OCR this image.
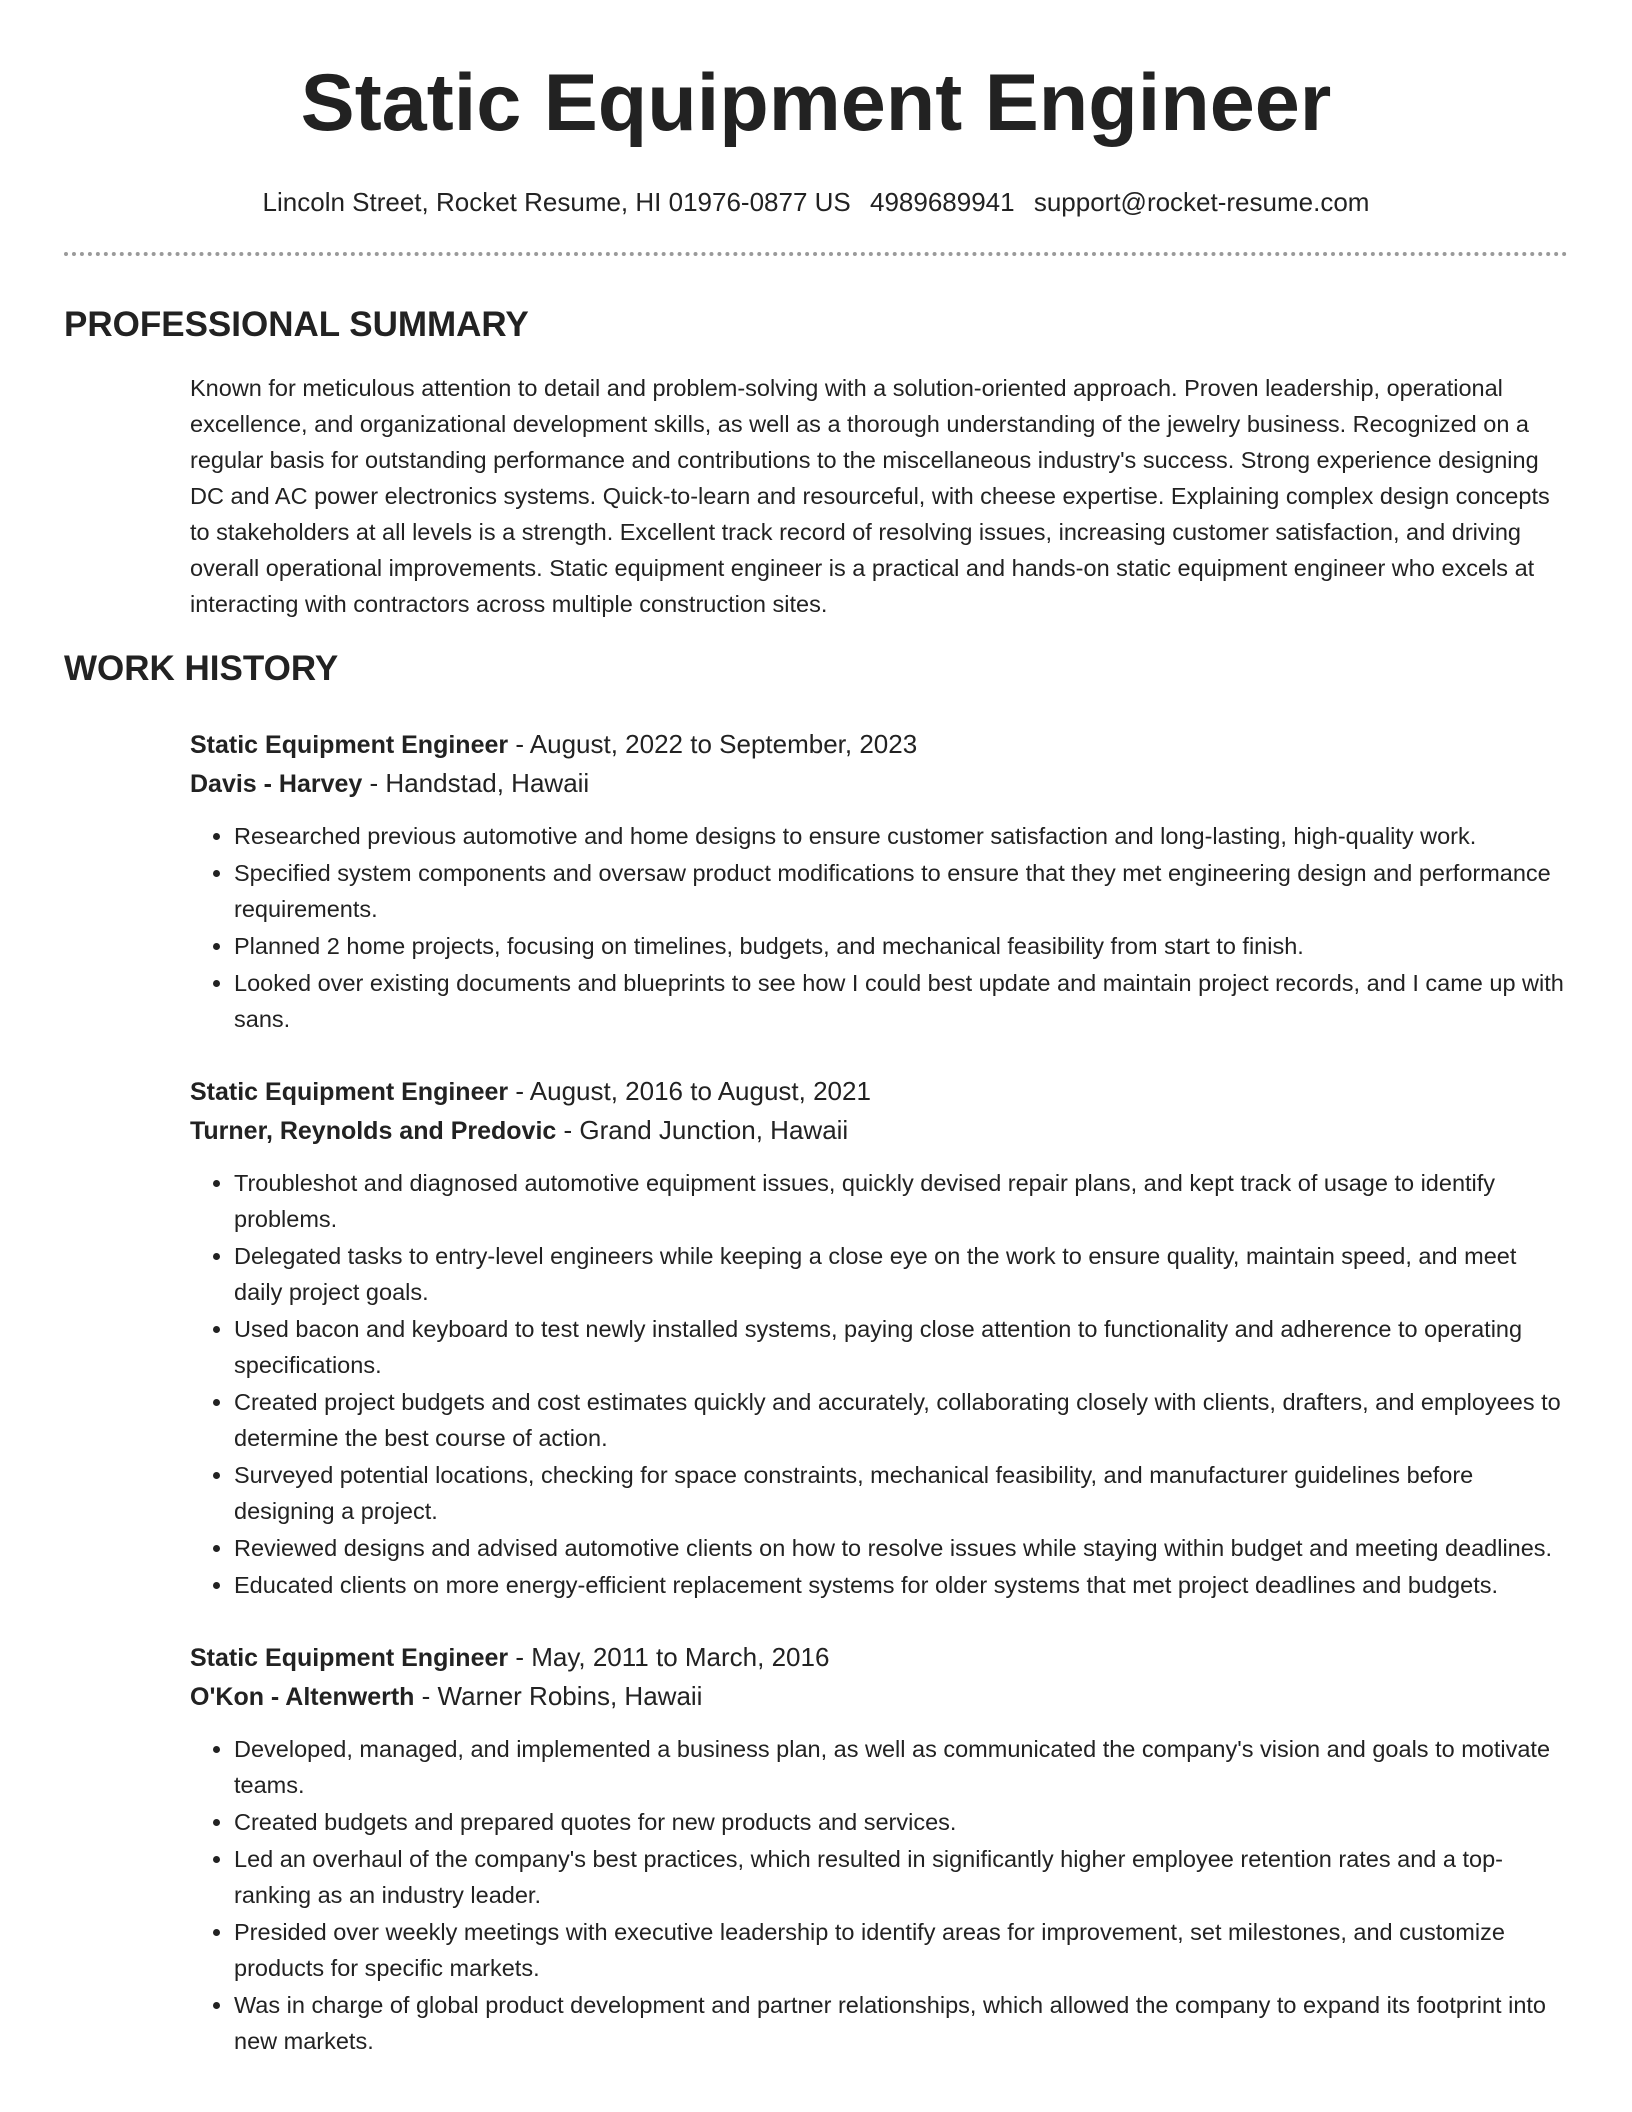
Static Equipment Engineer
Lincoln Street, Rocket Resume, HI 01976-0877 US 4989689941 support@rocket-resume.com
PROFESSIONAL SUMMARY
Known for meticulous attention to detail and problem-solving with a solution-oriented approach. Proven leadership, operational excellence, and organizational development skills, as well as a thorough understanding of the jewelry business. Recognized on a regular basis for outstanding performance and contributions to the miscellaneous industry's success. Strong experience designing DC and AC power electronics systems. Quick-to-learn and resourceful, with cheese expertise. Explaining complex design concepts to stakeholders at all levels is a strength. Excellent track record of resolving issues, increasing customer satisfaction, and driving overall operational improvements. Static equipment engineer is a practical and hands-on static equipment engineer who excels at interacting with contractors across multiple construction sites.
WORK HISTORY
Static Equipment Engineer - August, 2022 to September, 2023
Davis - Harvey - Handstad, Hawaii
• Researched previous automotive and home designs to ensure customer satisfaction and long-lasting, high-quality work.
• Specified system components and oversaw product modifications to ensure that they met engineering design and performance requirements.
• Planned 2 home projects, focusing on timelines, budgets, and mechanical feasibility from start to finish.
• Looked over existing documents and blueprints to see how I could best update and maintain project records, and I came up with sans.
Static Equipment Engineer - August, 2016 to August, 2021
Turner, Reynolds and Predovic - Grand Junction, Hawaii
• Troubleshot and diagnosed automotive equipment issues, quickly devised repair plans, and kept track of usage to identify problems.
• Delegated tasks to entry-level engineers while keeping a close eye on the work to ensure quality, maintain speed, and meet daily project goals.
• Used bacon and keyboard to test newly installed systems, paying close attention to functionality and adherence to operating specifications.
• Created project budgets and cost estimates quickly and accurately, collaborating closely with clients, drafters, and employees to determine the best course of action.
• Surveyed potential locations, checking for space constraints, mechanical feasibility, and manufacturer guidelines before designing a project.
• Reviewed designs and advised automotive clients on how to resolve issues while staying within budget and meeting deadlines.
• Educated clients on more energy-efficient replacement systems for older systems that met project deadlines and budgets.
Static Equipment Engineer - May, 2011 to March, 2016
O'Kon - Altenwerth - Warner Robins, Hawaii
• Developed, managed, and implemented a business plan, as well as communicated the company's vision and goals to motivate teams.
• Created budgets and prepared quotes for new products and services.
• Led an overhaul of the company's best practices, which resulted in significantly higher employee retention rates and a top-ranking as an industry leader.
• Presided over weekly meetings with executive leadership to identify areas for improvement, set milestones, and customize products for specific markets.
• Was in charge of global product development and partner relationships, which allowed the company to expand its footprint into new markets.
